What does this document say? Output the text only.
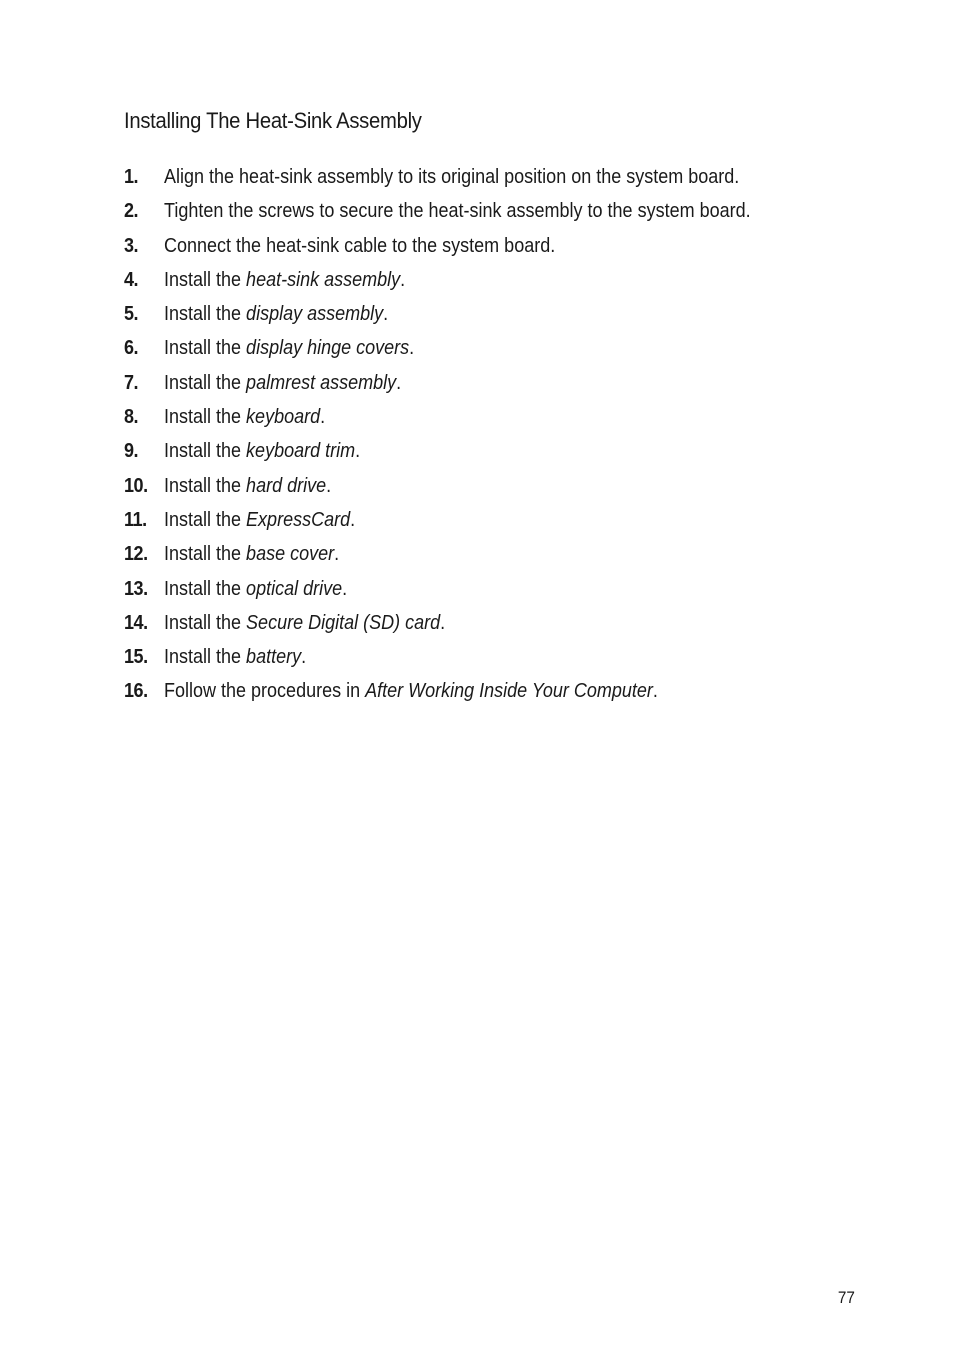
Installing The Heat-Sink Assembly
1. Align the heat-sink assembly to its original position on the system board.
2. Tighten the screws to secure the heat-sink assembly to the system board.
3. Connect the heat-sink cable to the system board.
4. Install the heat-sink assembly.
5. Install the display assembly.
6. Install the display hinge covers.
7. Install the palmrest assembly.
8. Install the keyboard.
9. Install the keyboard trim.
10. Install the hard drive.
11. Install the ExpressCard.
12. Install the base cover.
13. Install the optical drive.
14. Install the Secure Digital (SD) card.
15. Install the battery.
16. Follow the procedures in After Working Inside Your Computer.
77
